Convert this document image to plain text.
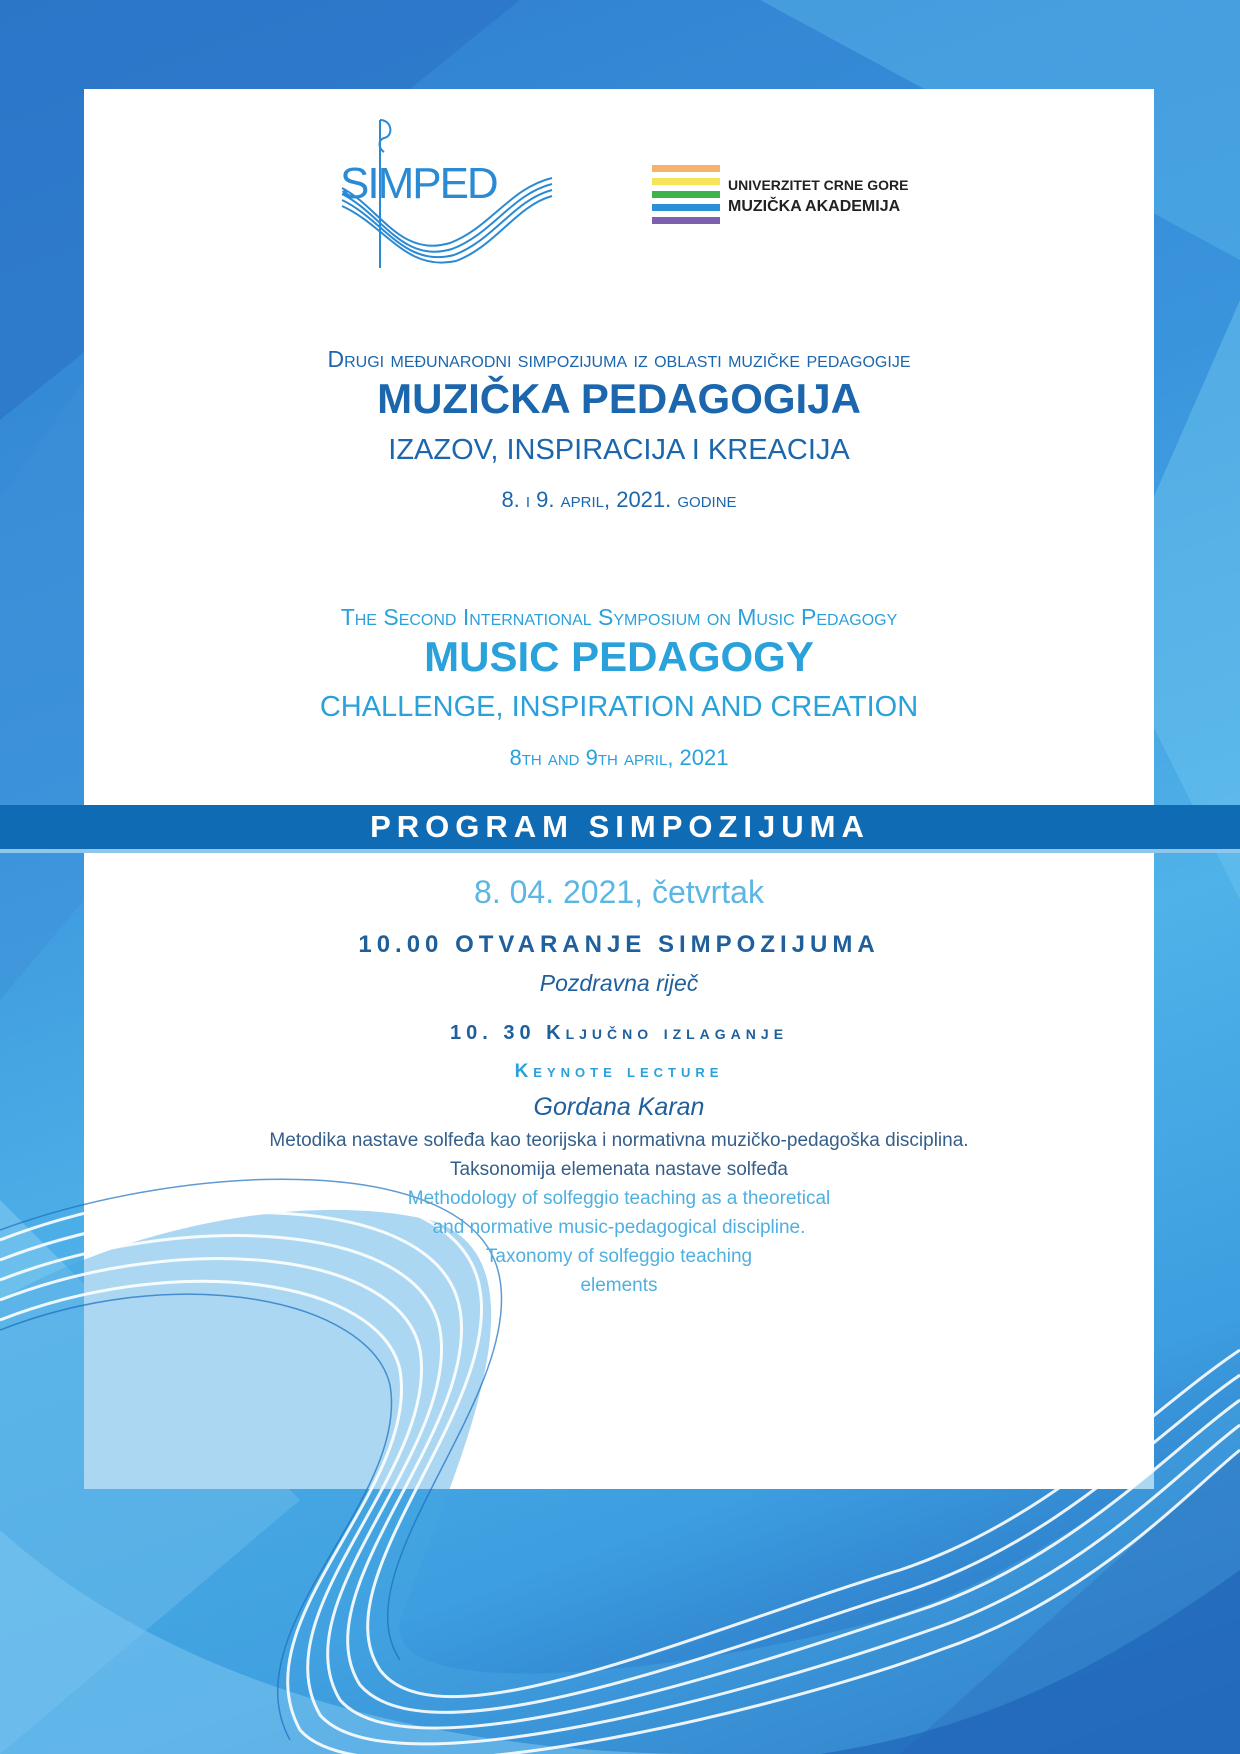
SIMPED	UNIVERZITET CRNE GORE
MUZIČKA AKADEMIJA
Drugi međunarodni simpozijuma iz oblasti muzičke pedagogije
MUZIČKA PEDAGOGIJA
IZAZOV, INSPIRACIJA I KREACIJA
8. i 9. april, 2021. godine
The Second International Symposium on Music Pedagogy
MUSIC PEDAGOGY
CHALLENGE, INSPIRATION AND CREATION
8th and 9th april, 2021
PROGRAM SIMPOZIJUMA
8. 04. 2021, četvrtak
10.00 OTVARANJE SIMPOZIJUMA
Pozdravna riječ
10. 30 Ključno izlaganje
Keynote lecture
Gordana Karan
Metodika nastave solfeđa kao teorijska i normativna muzičko-pedagoška disciplina.
Taksonomija elemenata nastave solfeđa
Methodology of solfeggio teaching as a theoretical
and normative music-pedagogical discipline.
Taxonomy of solfeggio teaching
elements
